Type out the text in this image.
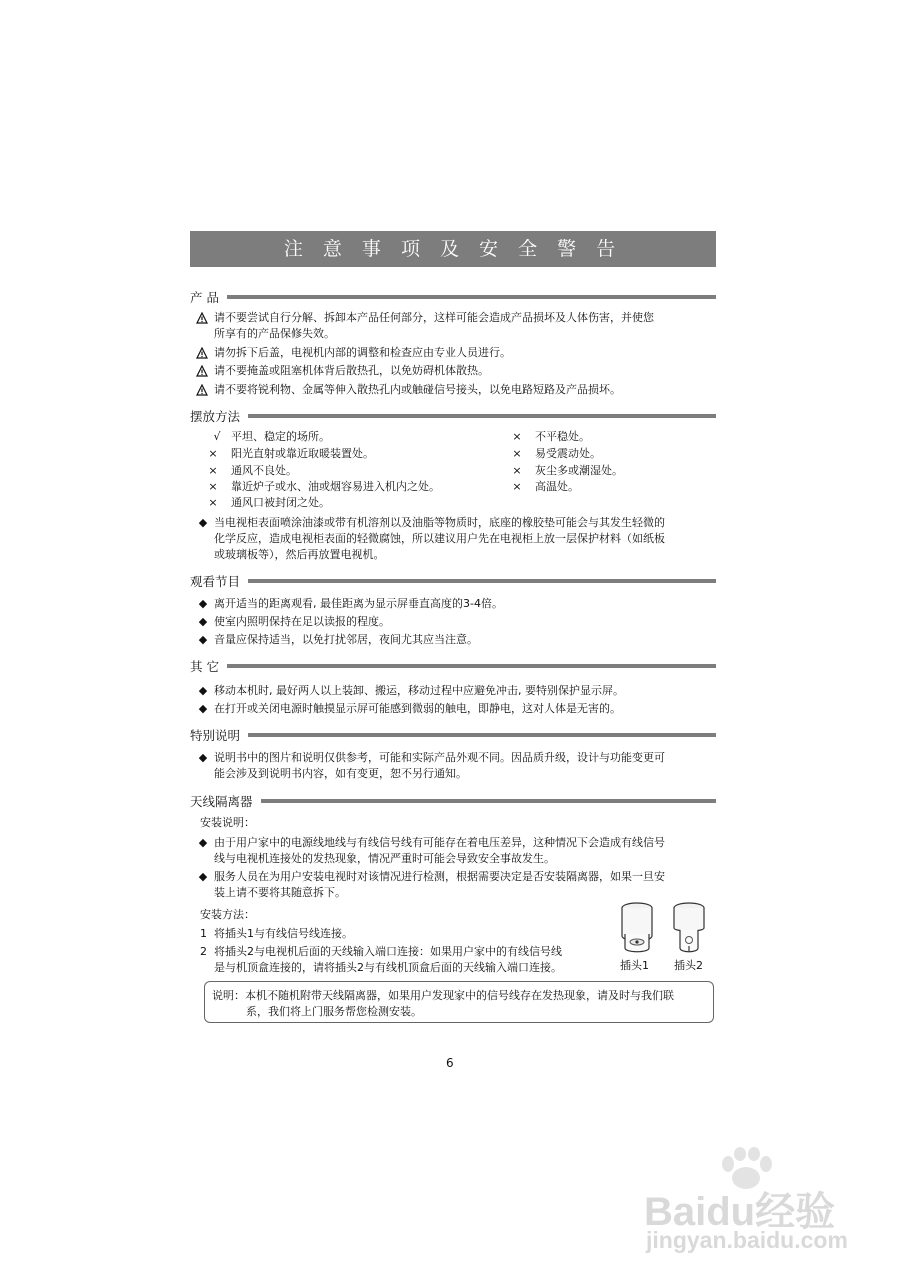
注 意 事 项 及 安 全 警 告
产 品
请不要尝试自行分解、拆卸本产品任何部分，这样可能会造成产品损坏及人体伤害，并使您
所享有的产品保修失效。
请勿拆下后盖，电视机内部的调整和检查应由专业人员进行。
请不要掩盖或阻塞机体背后散热孔，以免妨碍机体散热。
请不要将锐利物、金属等伸入散热孔内或触碰信号接头，以免电路短路及产品损坏。
摆放方法
√ 平坦、稳定的场所。
× 阳光直射或靠近取暖装置处。
× 通风不良处。
× 靠近炉子或水、油或烟容易进入机内之处。
× 通风口被封闭之处。
× 不平稳处。
× 易受震动处。
× 灰尘多或潮湿处。
× 高温处。
◆ 当电视柜表面喷涂油漆或带有机溶剂以及油脂等物质时，底座的橡胶垫可能会与其发生轻微的
化学反应，造成电视柜表面的轻微腐蚀，所以建议用户先在电视柜上放一层保护材料（如纸板
或玻璃板等），然后再放置电视机。
观看节目
◆ 离开适当的距离观看, 最佳距离为显示屏垂直高度的3-4倍。
◆ 使室内照明保持在足以读报的程度。
◆ 音量应保持适当，以免打扰邻居，夜间尤其应当注意。
其 它
◆ 移动本机时, 最好两人以上装卸、搬运，移动过程中应避免冲击, 要特别保护显示屏。
◆ 在打开或关闭电源时触摸显示屏可能感到微弱的触电，即静电，这对人体是无害的。
特别说明
◆ 说明书中的图片和说明仅供参考，可能和实际产品外观不同。因品质升级，设计与功能变更可
能会涉及到说明书内容，如有变更，恕不另行通知。
天线隔离器
安装说明：
◆ 由于用户家中的电源线地线与有线信号线有可能存在着电压差异，这种情况下会造成有线信号
线与电视机连接处的发热现象，情况严重时可能会导致安全事故发生。
◆ 服务人员在为用户安装电视时对该情况进行检测，根据需要决定是否安装隔离器，如果一旦安
装上请不要将其随意拆下。
安装方法：
1 将插头1与有线信号线连接。
2 将插头2与电视机后面的天线输入端口连接：如果用户家中的有线信号线
是与机顶盒连接的，请将插头2与有线机顶盒后面的天线输入端口连接。	插头1 插头2
说明：本机不随机附带天线隔离器，如果用户发现家中的信号线存在发热现象，请及时与我们联
系，我们将上门服务帮您检测安装。
6
Baidu经验
jingyan.baidu.com
